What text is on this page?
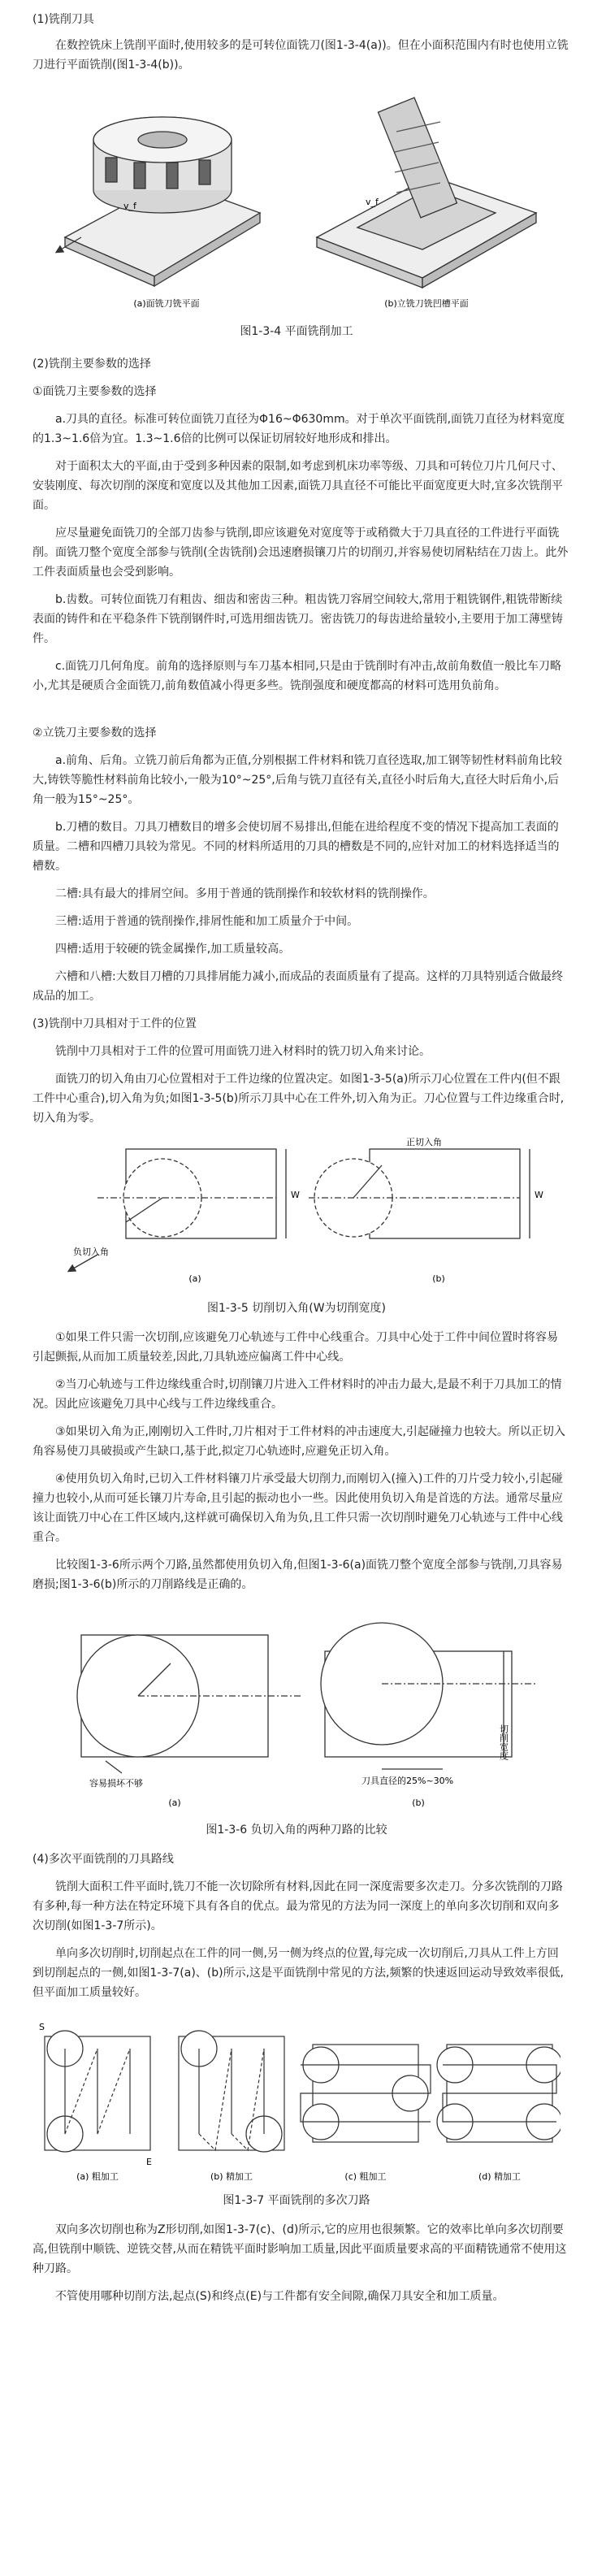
(1)铣削刀具

在数控铣床上铣削平面时,使用较多的是可转位面铣刀(图1-3-4(a))。但在小面积范围内有时也使用立铣刀进行平面铣削(图1-3-4(b))。

v_f	v_f
(a)面铣刀铣平面	(b)立铣刀铣凹槽平面
图1-3-4 平面铣削加工

(2)铣削主要参数的选择

①面铣刀主要参数的选择

a.刀具的直径。标准可转位面铣刀直径为Φ16~Φ630mm。对于单次平面铣削,面铣刀直径为材料宽度的1.3~1.6倍为宜。1.3~1.6倍的比例可以保证切屑较好地形成和排出。

对于面积太大的平面,由于受到多种因素的限制,如考虑到机床功率等级、刀具和可转位刀片几何尺寸、安装刚度、每次切削的深度和宽度以及其他加工因素,面铣刀具直径不可能比平面宽度更大时,宜多次铣削平面。

应尽量避免面铣刀的全部刀齿参与铣削,即应该避免对宽度等于或稍微大于刀具直径的工件进行平面铣削。面铣刀整个宽度全部参与铣削(全齿铣削)会迅速磨损镶刀片的切削刃,并容易使切屑粘结在刀齿上。此外工件表面质量也会受到影响。

b.齿数。可转位面铣刀有粗齿、细齿和密齿三种。粗齿铣刀容屑空间较大,常用于粗铣钢件,粗铣带断续表面的铸件和在平稳条件下铣削钢件时,可选用细齿铣刀。密齿铣刀的每齿进给量较小,主要用于加工薄壁铸件。

c.面铣刀几何角度。前角的选择原则与车刀基本相同,只是由于铣削时有冲击,故前角数值一般比车刀略小,尤其是硬质合金面铣刀,前角数值减小得更多些。铣削强度和硬度都高的材料可选用负前角。

②立铣刀主要参数的选择

a.前角、后角。立铣刀前后角都为正值,分别根据工件材料和铣刀直径选取,加工钢等韧性材料前角比较大,铸铁等脆性材料前角比较小,一般为10°~25°,后角与铣刀直径有关,直径小时后角大,直径大时后角小,后角一般为15°~25°。

b.刀槽的数目。刀具刀槽数目的增多会使切屑不易排出,但能在进给程度不变的情况下提高加工表面的质量。二槽和四槽刀具较为常见。不同的材料所适用的刀具的槽数是不同的,应针对加工的材料选择适当的槽数。

二槽:具有最大的排屑空间。多用于普通的铣削操作和较软材料的铣削操作。

三槽:适用于普通的铣削操作,排屑性能和加工质量介于中间。

四槽:适用于较硬的铣金属操作,加工质量较高。

六槽和八槽:大数目刀槽的刀具排屑能力减小,而成品的表面质量有了提高。这样的刀具特别适合做最终成品的加工。

(3)铣削中刀具相对于工件的位置

铣削中刀具相对于工件的位置可用面铣刀进入材料时的铣刀切入角来讨论。

面铣刀的切入角由刀心位置相对于工件边缘的位置决定。如图1-3-5(a)所示刀心位置在工件内(但不跟工件中心重合),切入角为负;如图1-3-5(b)所示刀具中心在工件外,切入角为正。刀心位置与工件边缘重合时,切入角为零。

W	W
负切入角
正切入角
(a)	(b)
图1-3-5 切削切入角(W为切削宽度)

①如果工件只需一次切削,应该避免刀心轨迹与工件中心线重合。刀具中心处于工件中间位置时将容易引起颤振,从而加工质量较差,因此,刀具轨迹应偏离工件中心线。

②当刀心轨迹与工件边缘线重合时,切削镶刀片进入工件材料时的冲击力最大,是最不利于刀具加工的情况。因此应该避免刀具中心线与工件边缘线重合。

③如果切入角为正,刚刚切入工件时,刀片相对于工件材料的冲击速度大,引起碰撞力也较大。所以正切入角容易使刀具破损或产生缺口,基于此,拟定刀心轨迹时,应避免正切入角。

④使用负切入角时,已切入工件材料镶刀片承受最大切削力,而刚切入(撞入)工件的刀片受力较小,引起碰撞力也较小,从而可延长镶刀片寿命,且引起的振动也小一些。因此使用负切入角是首选的方法。通常尽量应该让面铣刀中心在工件区域内,这样就可确保切入角为负,且工件只需一次切削时避免刀心轨迹与工件中心线重合。

比较图1-3-6所示两个刀路,虽然都使用负切入角,但图1-3-6(a)面铣刀整个宽度全部参与铣削,刀具容易磨损;图1-3-6(b)所示的刀削路线是正确的。

容易损坏不够
切削宽度
刀具直径的25%~30%
(a)	(b)
图1-3-6 负切入角的两种刀路的比较

(4)多次平面铣削的刀具路线

铣削大面积工件平面时,铣刀不能一次切除所有材料,因此在同一深度需要多次走刀。分多次铣削的刀路有多种,每一种方法在特定环境下具有各自的优点。最为常见的方法为同一深度上的单向多次切削和双向多次切削(如图1-3-7所示)。

单向多次切削时,切削起点在工件的同一侧,另一侧为终点的位置,每完成一次切削后,刀具从工件上方回到切削起点的一侧,如图1-3-7(a)、(b)所示,这是平面铣削中常见的方法,频繁的快速返回运动导致效率很低,但平面加工质量较好。

S
E
(a) 粗加工	(b) 精加工	(c) 粗加工	(d) 精加工
图1-3-7 平面铣削的多次刀路

双向多次切削也称为Z形切削,如图1-3-7(c)、(d)所示,它的应用也很频繁。它的效率比单向多次切削要高,但铣削中顺铣、逆铣交替,从而在精铣平面时影响加工质量,因此平面质量要求高的平面精铣通常不使用这种刀路。

不管使用哪种切削方法,起点(S)和终点(E)与工件都有安全间隙,确保刀具安全和加工质量。
